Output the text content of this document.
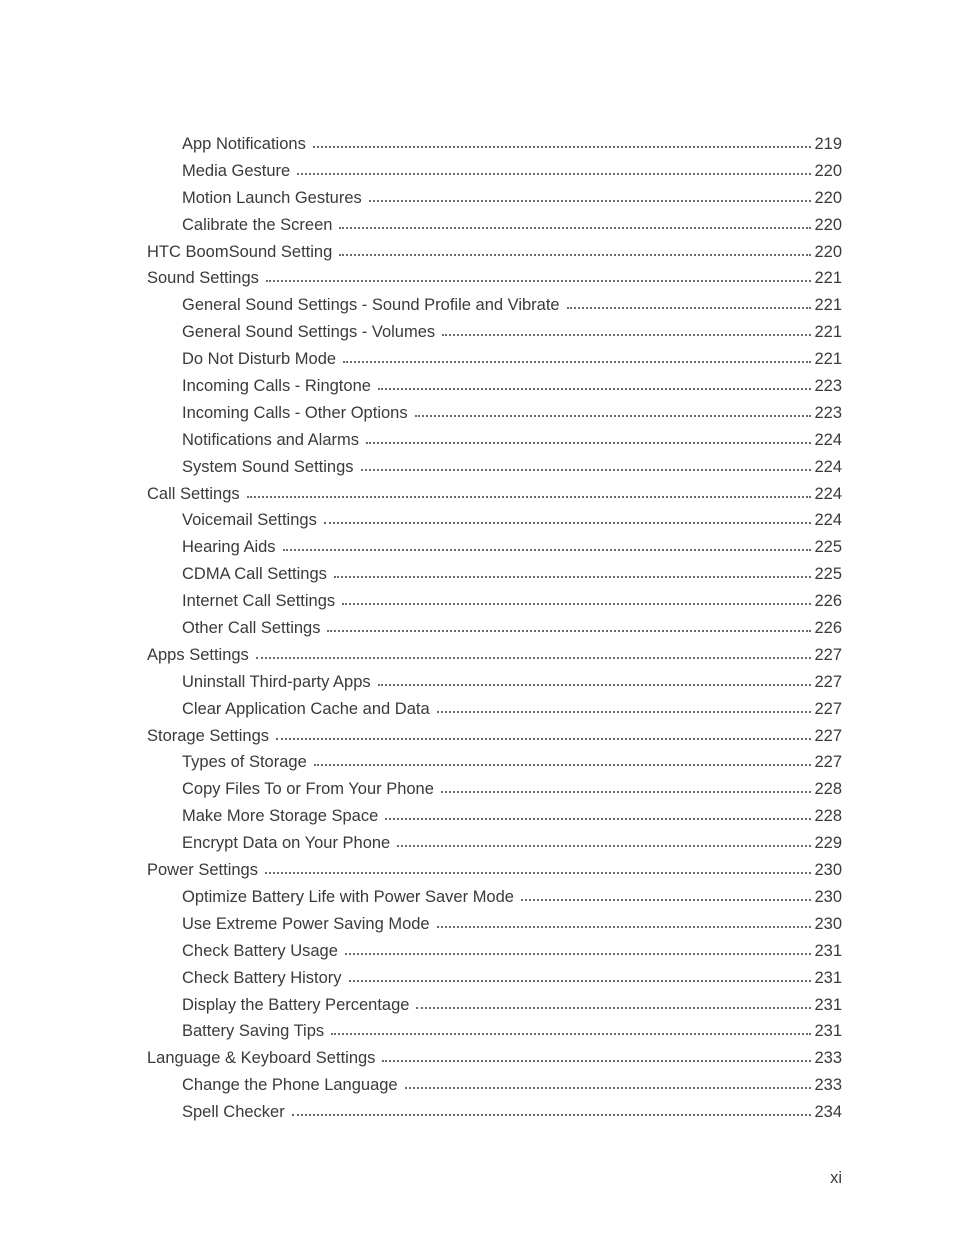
App Notifications	219
Media Gesture	220
Motion Launch Gestures	220
Calibrate the Screen	220
HTC BoomSound Setting	220
Sound Settings	221
General Sound Settings - Sound Profile and Vibrate	221
General Sound Settings - Volumes	221
Do Not Disturb Mode	221
Incoming Calls - Ringtone	223
Incoming Calls - Other Options	223
Notifications and Alarms	224
System Sound Settings	224
Call Settings	224
Voicemail Settings	224
Hearing Aids	225
CDMA Call Settings	225
Internet Call Settings	226
Other Call Settings	226
Apps Settings	227
Uninstall Third-party Apps	227
Clear Application Cache and Data	227
Storage Settings	227
Types of Storage	227
Copy Files To or From Your Phone	228
Make More Storage Space	228
Encrypt Data on Your Phone	229
Power Settings	230
Optimize Battery Life with Power Saver Mode	230
Use Extreme Power Saving Mode	230
Check Battery Usage	231
Check Battery History	231
Display the Battery Percentage	231
Battery Saving Tips	231
Language & Keyboard Settings	233
Change the Phone Language	233
Spell Checker	234
xi
